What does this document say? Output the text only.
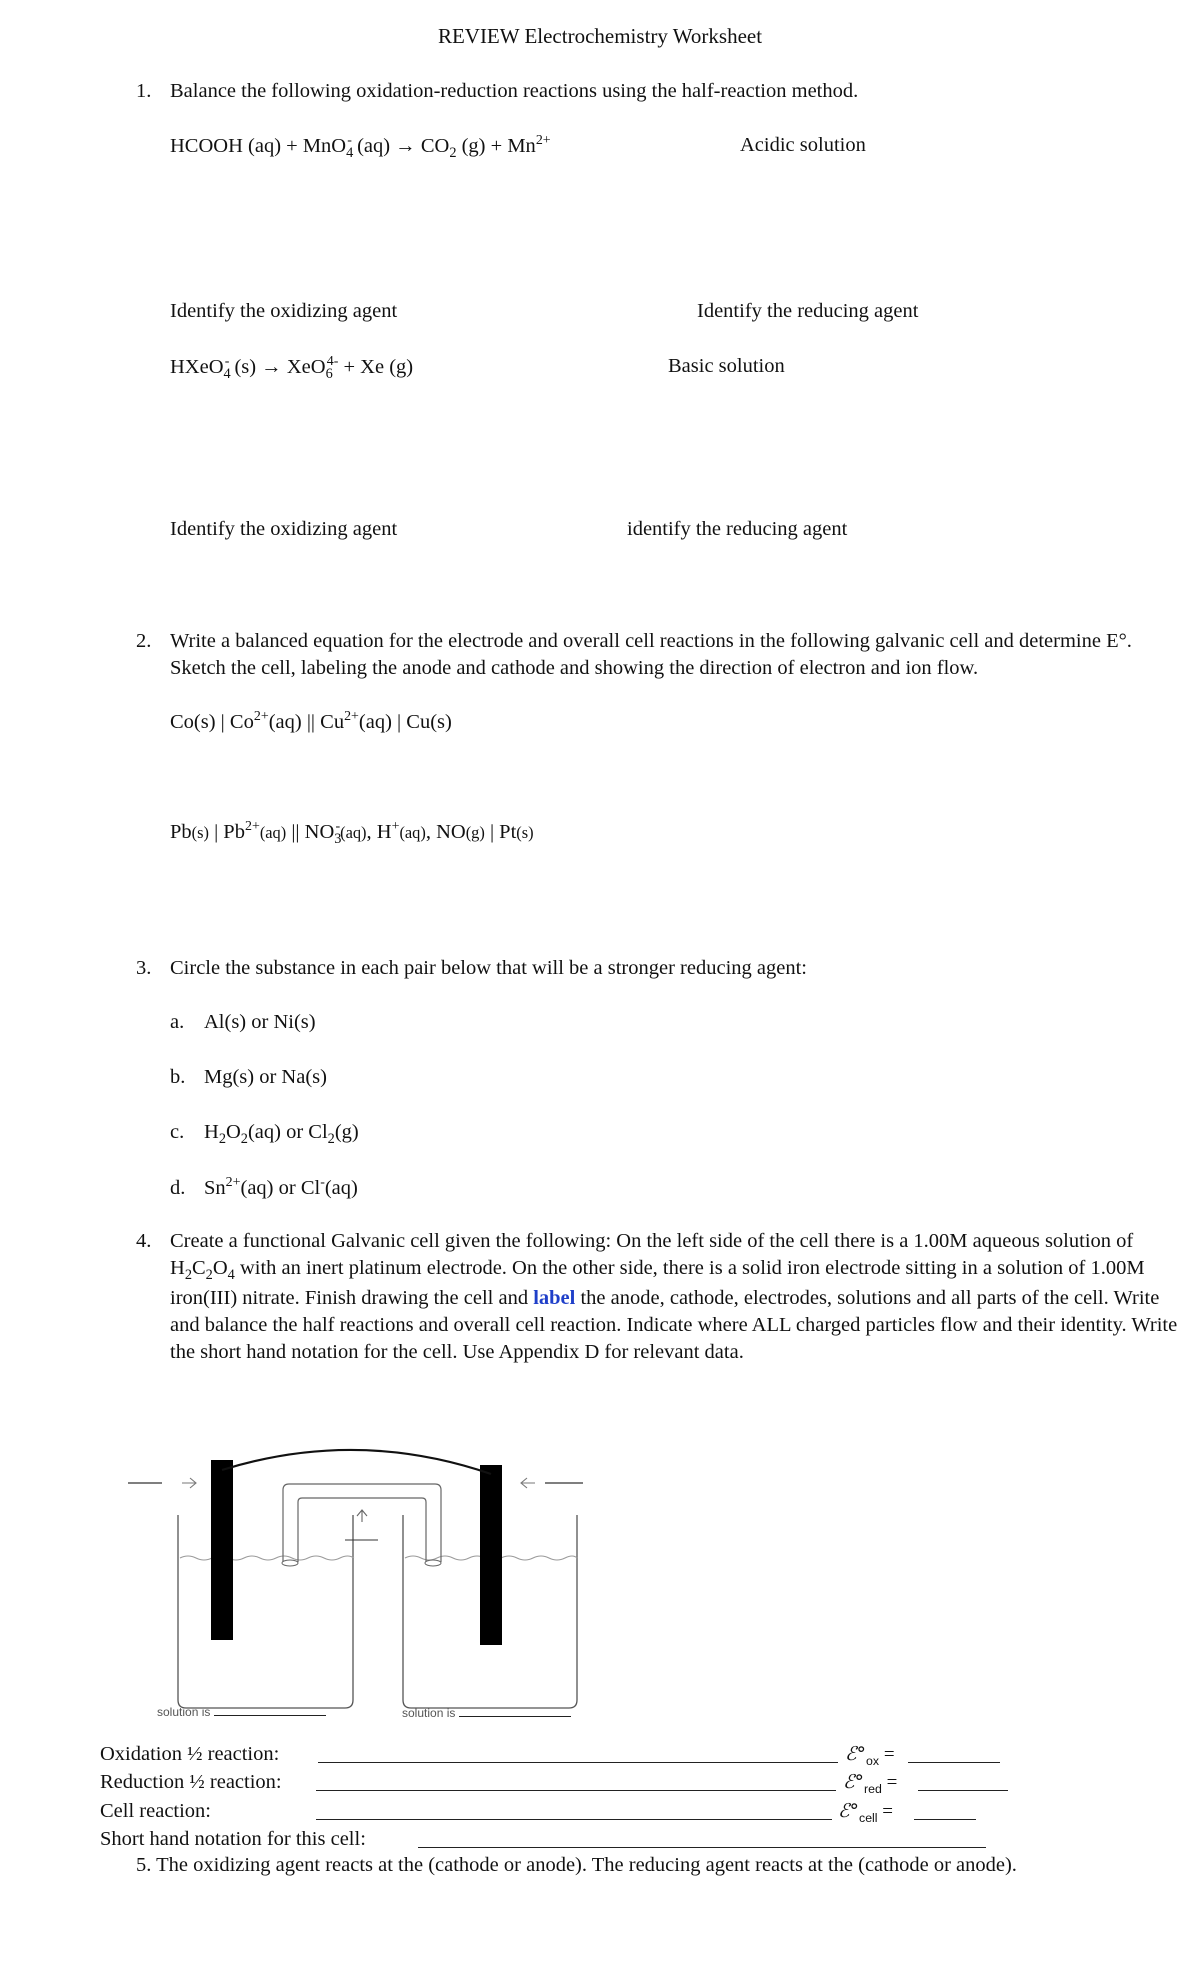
REVIEW Electrochemistry Worksheet
1. Balance the following oxidation-reduction reactions using the half-reaction method.
HCOOH (aq) + MnO$_4$- $(aq) \to CO_2$ $(g) + Mn^{2+}$	Acidic solution
Identify the oxidizing agent	Identify the reducing agent
HXeO$_4$- (s) → XeO$_6^{4-}$ + Xe (g)	Basic solution
Identify the oxidizing agent	identify the reducing agent
2. Write a balanced equation for the electrode and overall cell reactions in the following galvanic cell and determine E°. Sketch the cell, labeling the anode and cathode and showing the direction of electron and ion flow.
Co(s) | $Co^{2+}(aq)$ || $Cu^{2+}(aq)$ | Cu(s)
Pb(s) | $Pb^{2+}(aq)$ || $NO_3^-(aq)$, H+(aq), NO(g) | Pt(s)
3. Circle the substance in each pair below that will be a stronger reducing agent:
a. Al(s) or Ni(s)
b. Mg(s) or Na(s)
c. $H_2O_2(aq)$ or $Cl_2(g)$
d. $Sn^{2+}(aq)$ or Cl-(aq)
4. Create a functional Galvanic cell given the following: On the left side of the cell there is a 1.00M aqueous solution of $H_2C_2O_4$ with an inert platinum electrode. On the other side, there is a solid iron electrode sitting in a solution of 1.00M iron(III) nitrate. Finish drawing the cell and label the anode, cathode, electrodes, solutions and all parts of the cell. Write and balance the half reactions and overall cell reaction. Indicate where ALL charged particles flow and their identity. Write the short hand notation for the cell. Use Appendix D for relevant data.
solution is	solution is
Oxidation ½ reaction:	$ℰ^\circ_{ox}$ =
Reduction ½ reaction:	$ℰ^\circ_{red}$ =
Cell reaction:	$ℰ^\circ_{cell}$ =
Short hand notation for this cell:
5. The oxidizing agent reacts at the (cathode or anode). The reducing agent reacts at the (cathode or anode).
